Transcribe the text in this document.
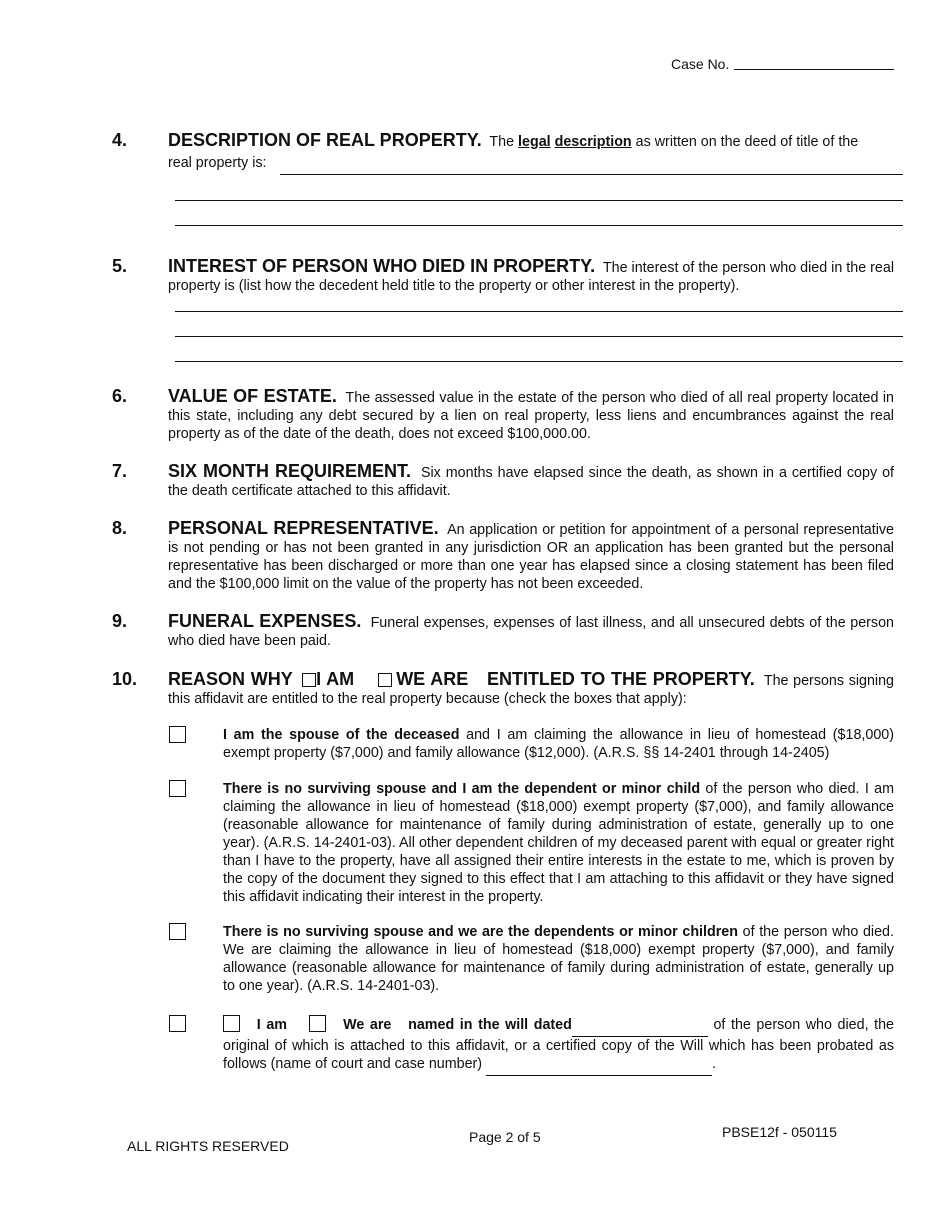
Case No.
4. DESCRIPTION OF REAL PROPERTY. The legal description as written on the deed of title of the
real property is:
5. INTEREST OF PERSON WHO DIED IN PROPERTY. The interest of the person who died in the real property is (list how the decedent held title to the property or other interest in the property).
6. VALUE OF ESTATE. The assessed value in the estate of the person who died of all real property located in this state, including any debt secured by a lien on real property, less liens and encumbrances against the real property as of the date of the death, does not exceed $100,000.00.
7. SIX MONTH REQUIREMENT. Six months have elapsed since the death, as shown in a certified copy of the death certificate attached to this affidavit.
8. PERSONAL REPRESENTATIVE. An application or petition for appointment of a personal representative is not pending or has not been granted in any jurisdiction OR an application has been granted but the personal representative has been discharged or more than one year has elapsed since a closing statement has been filed and the $100,000 limit on the value of the property has not been exceeded.
9. FUNERAL EXPENSES. Funeral expenses, expenses of last illness, and all unsecured debts of the person who died have been paid.
10. REASON WHY I AM WE ARE ENTITLED TO THE PROPERTY. The persons signing this affidavit are entitled to the real property because (check the boxes that apply):
I am the spouse of the deceased and I am claiming the allowance in lieu of homestead ($18,000) exempt property ($7,000) and family allowance ($12,000). (A.R.S. §§ 14-2401 through 14-2405)
There is no surviving spouse and I am the dependent or minor child of the person who died. I am claiming the allowance in lieu of homestead ($18,000) exempt property ($7,000), and family allowance (reasonable allowance for maintenance of family during administration of estate, generally up to one year). (A.R.S. 14-2401-03). All other dependent children of my deceased parent with equal or greater right than I have to the property, have all assigned their entire interests in the estate to me, which is proven by the copy of the document they signed to this effect that I am attaching to this affidavit or they have signed this affidavit indicating their interest in the property.
There is no surviving spouse and we are the dependents or minor children of the person who died. We are claiming the allowance in lieu of homestead ($18,000) exempt property ($7,000), and family allowance (reasonable allowance for maintenance of family during administration of estate, generally up to one year). (A.R.S. 14-2401-03).
I am	We are named in the will dated	of the person who died, the original of which is attached to this affidavit, or a certified copy of the Will which has been probated as follows (name of court and case number)	.
ALL RIGHTS RESERVED
Page 2 of 5	PBSE12f - 050115
